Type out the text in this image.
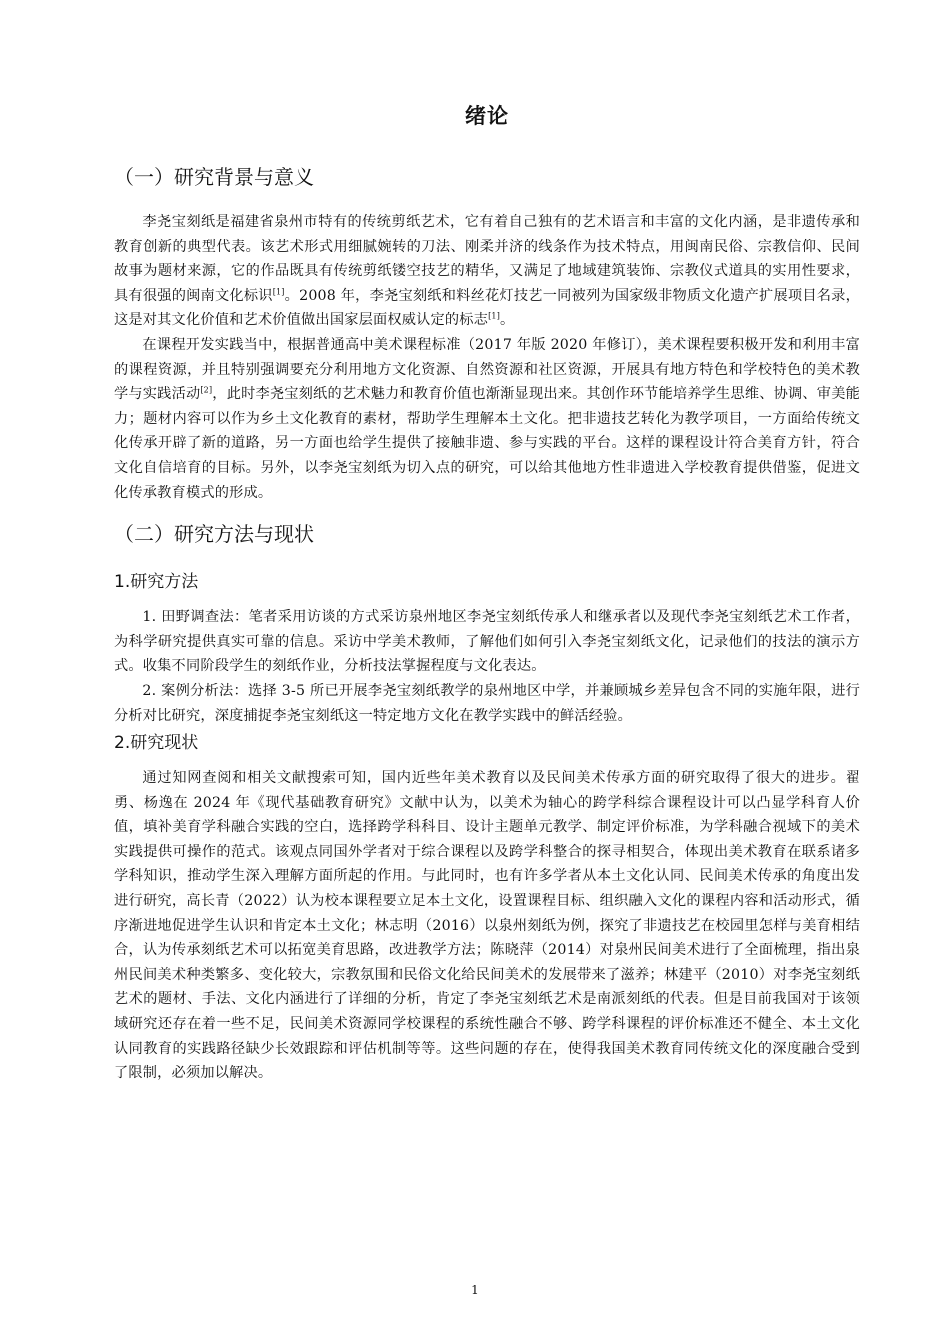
绪论
（一）研究背景与意义

李尧宝刻纸是福建省泉州市特有的传统剪纸艺术，它有着自己独有的艺术语言和丰富的文化内涵，是非遗传承和教育创新的典型代表。该艺术形式用细腻婉转的刀法、刚柔并济的线条作为技术特点，用闽南民俗、宗教信仰、民间故事为题材来源，它的作品既具有传统剪纸镂空技艺的精华，又满足了地域建筑装饰、宗教仪式道具的实用性要求，具有很强的闽南文化标识[1]。2008 年，李尧宝刻纸和料丝花灯技艺一同被列为国家级非物质文化遗产扩展项目名录，这是对其文化价值和艺术价值做出国家层面权威认定的标志[1]。

在课程开发实践当中，根据普通高中美术课程标准（2017 年版 2020 年修订），美术课程要积极开发和利用丰富的课程资源，并且特别强调要充分利用地方文化资源、自然资源和社区资源，开展具有地方特色和学校特色的美术教学与实践活动[2]，此时李尧宝刻纸的艺术魅力和教育价值也渐渐显现出来。其创作环节能培养学生思维、协调、审美能力；题材内容可以作为乡土文化教育的素材，帮助学生理解本土文化。把非遗技艺转化为教学项目，一方面给传统文化传承开辟了新的道路，另一方面也给学生提供了接触非遗、参与实践的平台。这样的课程设计符合美育方针，符合文化自信培育的目标。另外，以李尧宝刻纸为切入点的研究，可以给其他地方性非遗进入学校教育提供借鉴，促进文化传承教育模式的形成。

（二）研究方法与现状
1.研究方法

1. 田野调查法：笔者采用访谈的方式采访泉州地区李尧宝刻纸传承人和继承者以及现代李尧宝刻纸艺术工作者，为科学研究提供真实可靠的信息。采访中学美术教师，了解他们如何引入李尧宝刻纸文化，记录他们的技法的演示方式。收集不同阶段学生的刻纸作业，分析技法掌握程度与文化表达。

2. 案例分析法：选择 3-5 所已开展李尧宝刻纸教学的泉州地区中学，并兼顾城乡差异包含不同的实施年限，进行分析对比研究，深度捕捉李尧宝刻纸这一特定地方文化在教学实践中的鲜活经验。

2.研究现状

通过知网查阅和相关文献搜索可知，国内近些年美术教育以及民间美术传承方面的研究取得了很大的进步。翟勇、杨逸在 2024 年《现代基础教育研究》文献中认为，以美术为轴心的跨学科综合课程设计可以凸显学科育人价值，填补美育学科融合实践的空白，选择跨学科科目、设计主题单元教学、制定评价标准，为学科融合视域下的美术实践提供可操作的范式。该观点同国外学者对于综合课程以及跨学科整合的探寻相契合，体现出美术教育在联系诸多学科知识，推动学生深入理解方面所起的作用。与此同时，也有许多学者从本土文化认同、民间美术传承的角度出发进行研究，高长青（2022）认为校本课程要立足本土文化，设置课程目标、组织融入文化的课程内容和活动形式，循序渐进地促进学生认识和肯定本土文化；林志明（2016）以泉州刻纸为例，探究了非遗技艺在校园里怎样与美育相结合，认为传承刻纸艺术可以拓宽美育思路，改进教学方法；陈晓萍（2014）对泉州民间美术进行了全面梳理，指出泉州民间美术种类繁多、变化较大，宗教氛围和民俗文化给民间美术的发展带来了滋养；林建平（2010）对李尧宝刻纸艺术的题材、手法、文化内涵进行了详细的分析，肯定了李尧宝刻纸艺术是南派刻纸的代表。但是目前我国对于该领域研究还存在着一些不足，民间美术资源同学校课程的系统性融合不够、跨学科课程的评价标准还不健全、本土文化认同教育的实践路径缺少长效跟踪和评估机制等等。这些问题的存在，使得我国美术教育同传统文化的深度融合受到了限制，必须加以解决。

1
